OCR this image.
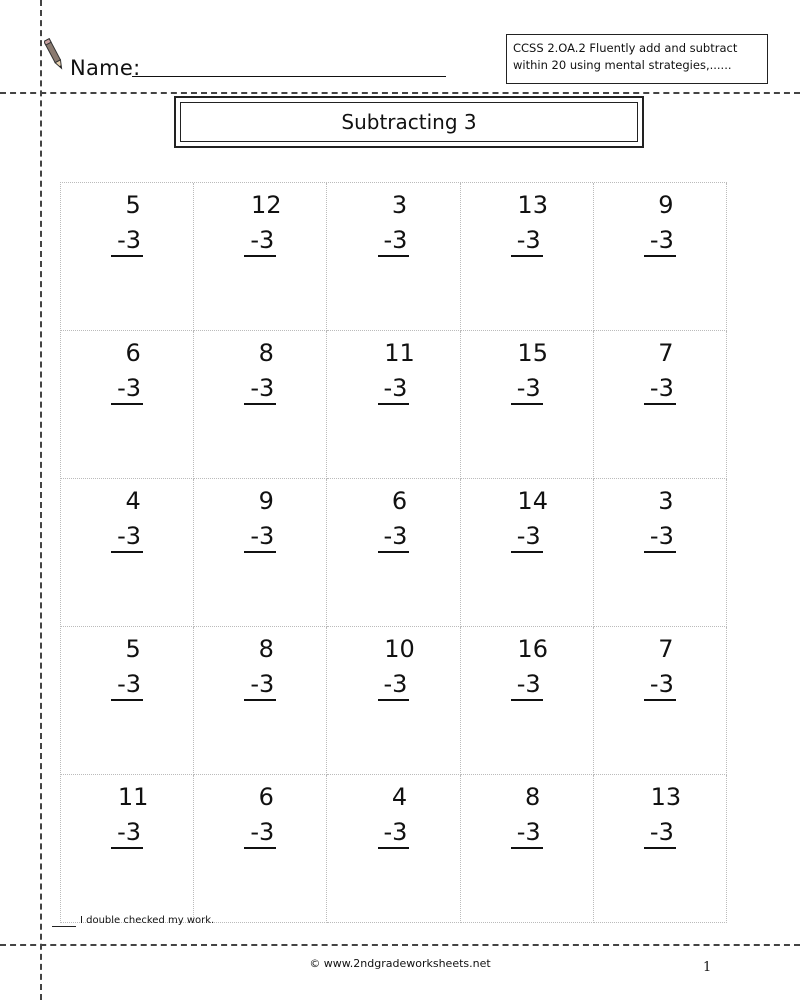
Name:
CCSS 2.OA.2 Fluently add and subtract
within 20 using mental strategies,......
Subtracting 3
5
-3
12
-3
3
-3
13
-3
9
-3
6
-3
8
-3
11
-3
15
-3
7
-3
4
-3
9
-3
6
-3
14
-3
3
-3
5
-3
8
-3
10
-3
16
-3
7
-3
11
-3
6
-3
4
-3
8
-3
13
-3
I double checked my work.
© www.2ndgradeworksheets.net	1
